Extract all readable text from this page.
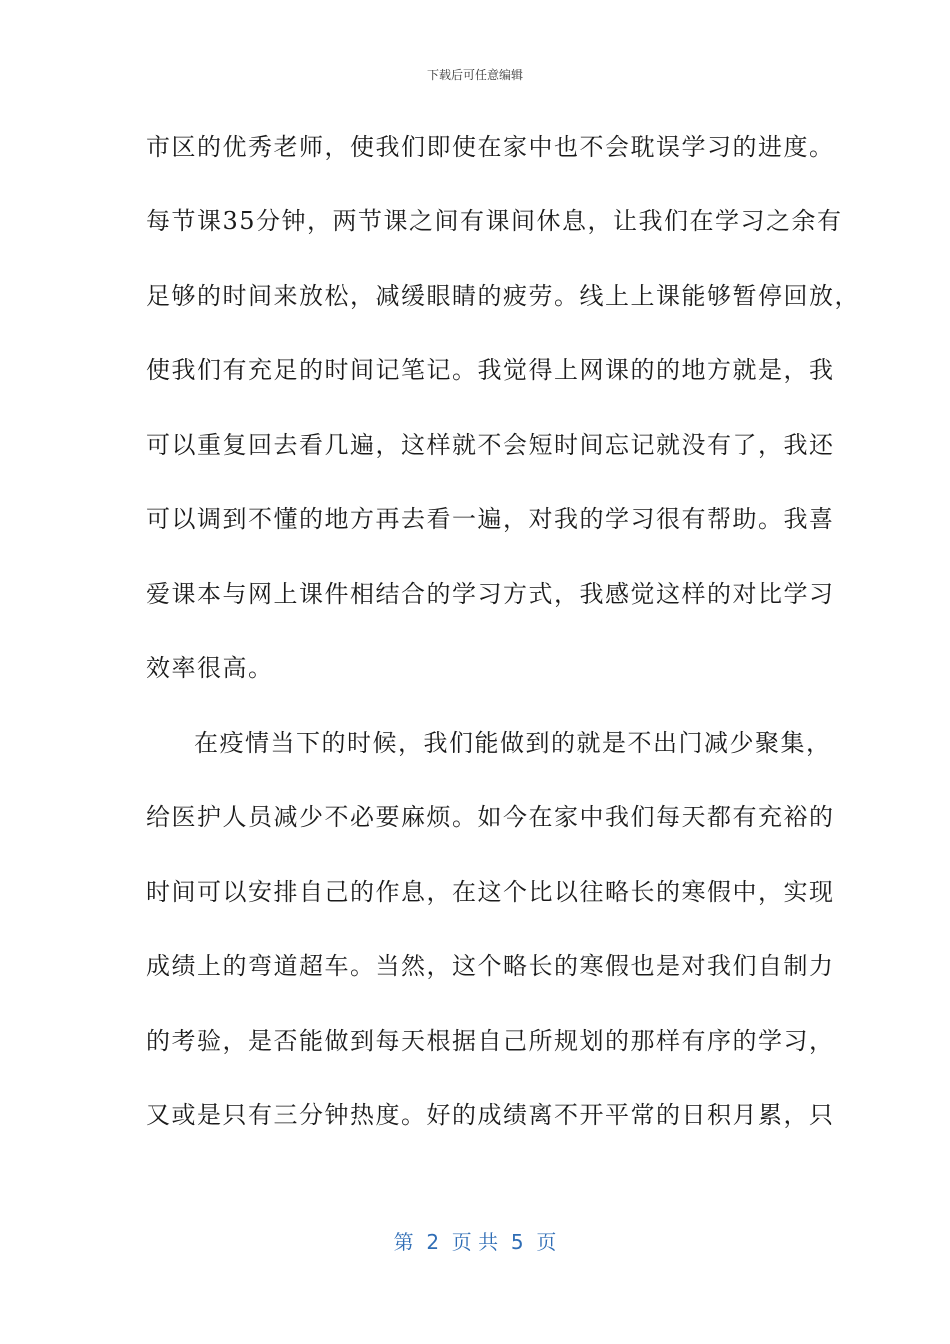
下载后可任意编辑
市区的优秀老师，使我们即使在家中也不会耽误学习的进度。
每节课35分钟，两节课之间有课间休息，让我们在学习之余有
足够的时间来放松，减缓眼睛的疲劳。线上上课能够暂停回放，
使我们有充足的时间记笔记。我觉得上网课的的地方就是，我
可以重复回去看几遍，这样就不会短时间忘记就没有了，我还
可以调到不懂的地方再去看一遍，对我的学习很有帮助。我喜
爱课本与网上课件相结合的学习方式，我感觉这样的对比学习
效率很高。
在疫情当下的时候，我们能做到的就是不出门减少聚集，
给医护人员减少不必要麻烦。如今在家中我们每天都有充裕的
时间可以安排自己的作息，在这个比以往略长的寒假中，实现
成绩上的弯道超车。当然，这个略长的寒假也是对我们自制力
的考验，是否能做到每天根据自己所规划的那样有序的学习，
又或是只有三分钟热度。好的成绩离不开平常的日积月累，只
第  2  页 共  5  页
